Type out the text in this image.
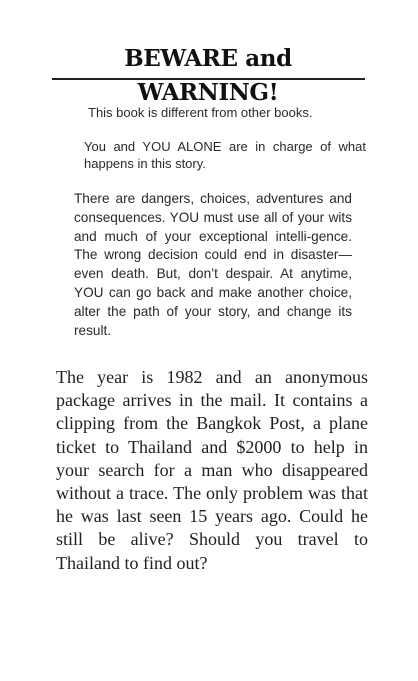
BEWARE and WARNING!

This book is different from other books.

You and YOU ALONE are in charge of what happens in this story.

There are dangers, choices, adventures and consequences. YOU must use all of your wits and much of your exceptional intelli-gence. The wrong decision could end in disaster—even death. But, don’t despair. At anytime, YOU can go back and make another choice, alter the path of your story, and change its result.

The year is 1982 and an anonymous package arrives in the mail. It contains a clipping from the Bangkok Post, a plane ticket to Thailand and $2000 to help in your search for a man who disappeared without a trace. The only problem was that he was last seen 15 years ago. Could he still be alive? Should you travel to Thailand to find out?
